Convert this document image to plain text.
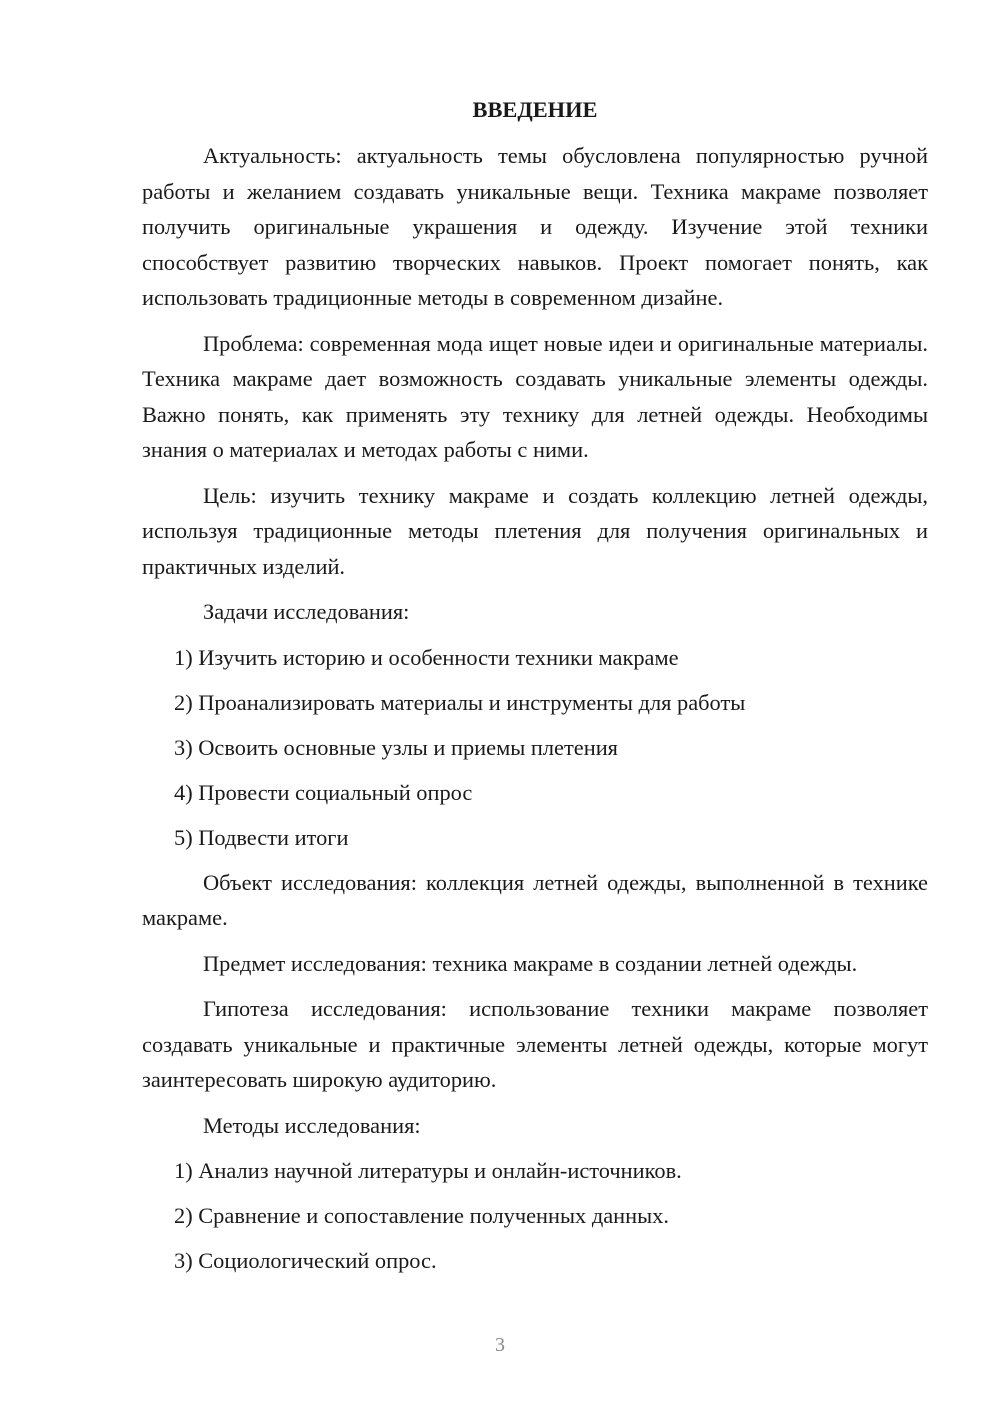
ВВЕДЕНИЕ

Актуальность: актуальность темы обусловлена популярностью ручной работы и желанием создавать уникальные вещи. Техника макраме позволяет получить оригинальные украшения и одежду. Изучение этой техники способствует развитию творческих навыков. Проект помогает понять, как использовать традиционные методы в современном дизайне.

Проблема: современная мода ищет новые идеи и оригинальные материалы. Техника макраме дает возможность создавать уникальные элементы одежды. Важно понять, как применять эту технику для летней одежды. Необходимы знания о материалах и методах работы с ними.

Цель: изучить технику макраме и создать коллекцию летней одежды, используя традиционные методы плетения для получения оригинальных и практичных изделий.

Задачи исследования:

1) Изучить историю и особенности техники макраме
2) Проанализировать материалы и инструменты для работы
3) Освоить основные узлы и приемы плетения
4) Провести социальный опрос
5) Подвести итоги

Объект исследования: коллекция летней одежды, выполненной в технике макраме.

Предмет исследования: техника макраме в создании летней одежды.

Гипотеза исследования: использование техники макраме позволяет создавать уникальные и практичные элементы летней одежды, которые могут заинтересовать широкую аудиторию.

Методы исследования:

1) Анализ научной литературы и онлайн-источников.
2) Сравнение и сопоставление полученных данных.
3) Социологический опрос.
3
